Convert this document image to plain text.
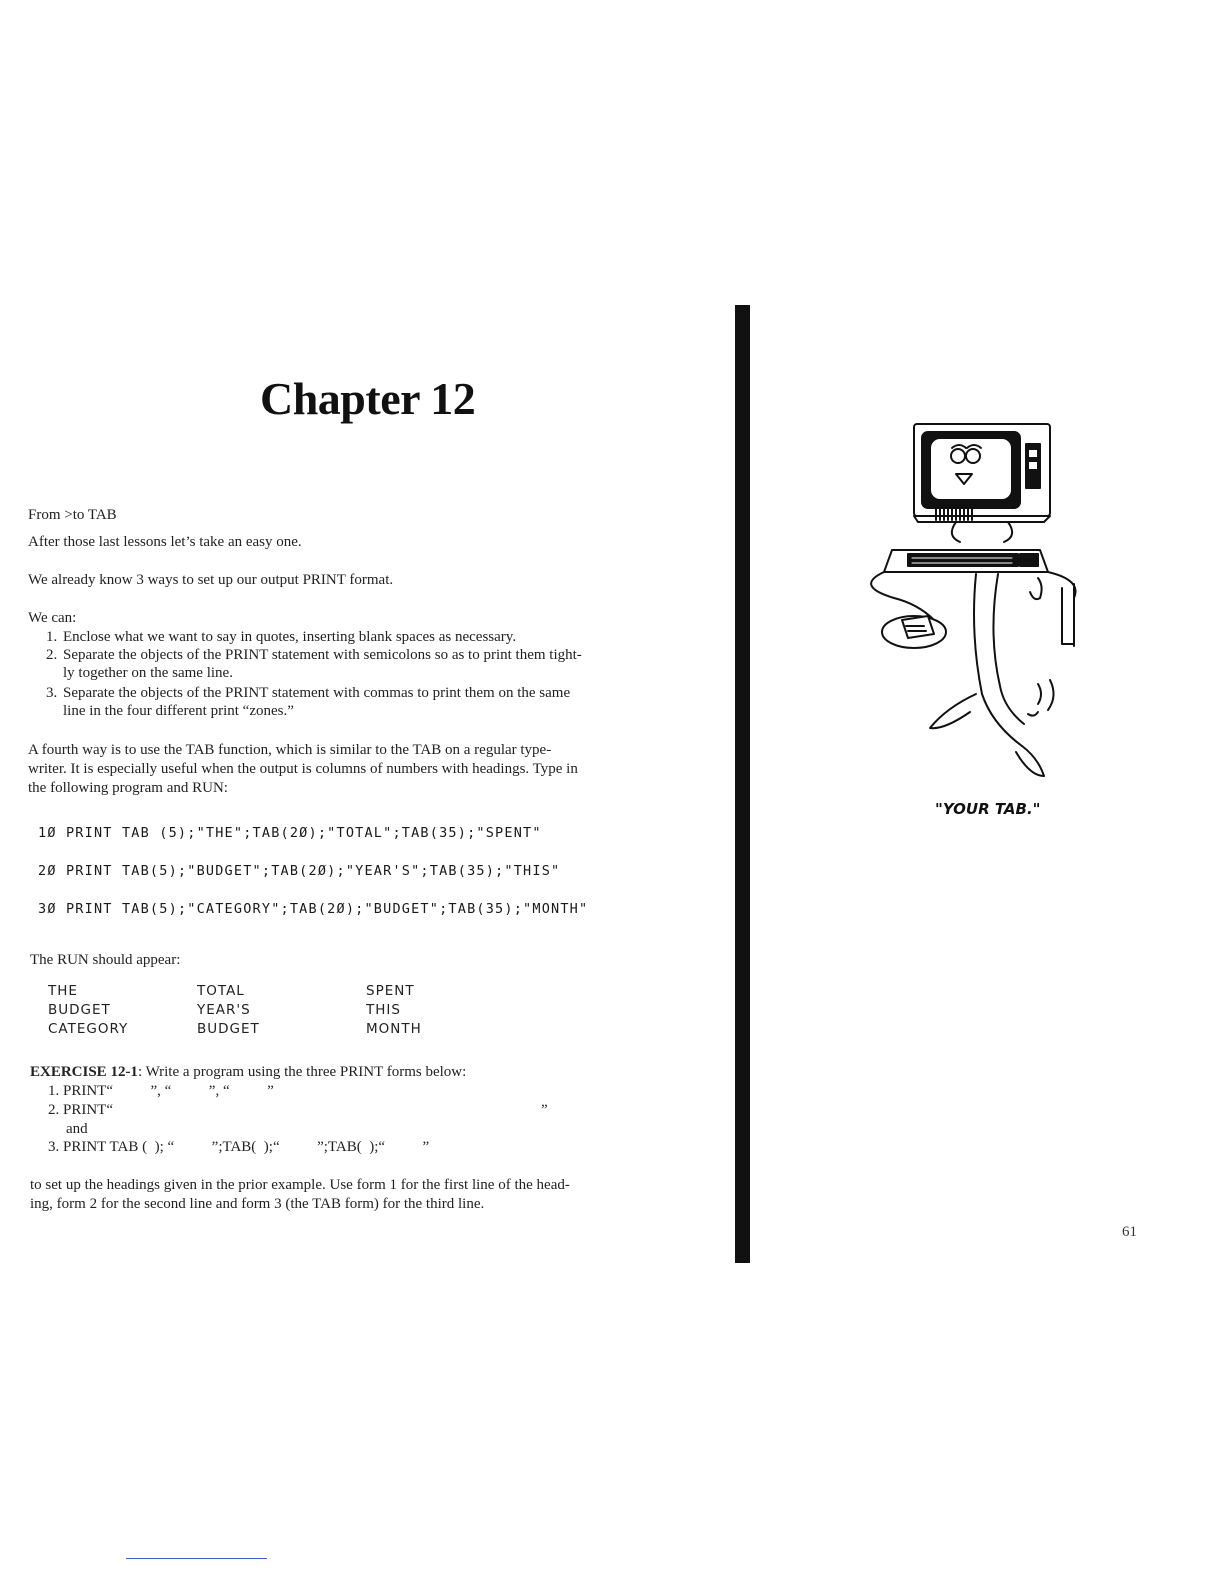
Chapter 12
From >to TAB
After those last lessons let’s take an easy one.
We already know 3 ways to set up our output PRINT format.
We can:
1. Enclose what we want to say in quotes, inserting blank spaces as necessary.
2. Separate the objects of the PRINT statement with semicolons so as to print them tight-
ly together on the same line.
3. Separate the objects of the PRINT statement with commas to print them on the same
line in the four different print “zones.”
A fourth way is to use the TAB function, which is similar to the TAB on a regular type-
writer. It is especially useful when the output is columns of numbers with headings. Type in
the following program and RUN:
1Ø PRINT TAB (5);"THE";TAB(2Ø);"TOTAL";TAB(35);"SPENT"
2Ø PRINT TAB(5);"BUDGET";TAB(2Ø);"YEAR'S";TAB(35);"THIS"
3Ø PRINT TAB(5);"CATEGORY";TAB(2Ø);"BUDGET";TAB(35);"MONTH"
The RUN should appear:
THE	TOTAL	SPENT
BUDGET	YEAR'S	THIS
CATEGORY	BUDGET	MONTH
EXERCISE 12-1: Write a program using the three PRINT forms below:
1. PRINT“          ”, “          ”, “          ”
2. PRINT“	”
and
3. PRINT TAB (  ); “          ”;TAB(  );“          ”;TAB(  );“          ”
to set up the headings given in the prior example. Use form 1 for the first line of the head-
ing, form 2 for the second line and form 3 (the TAB form) for the third line.
"YOUR TAB."
61
